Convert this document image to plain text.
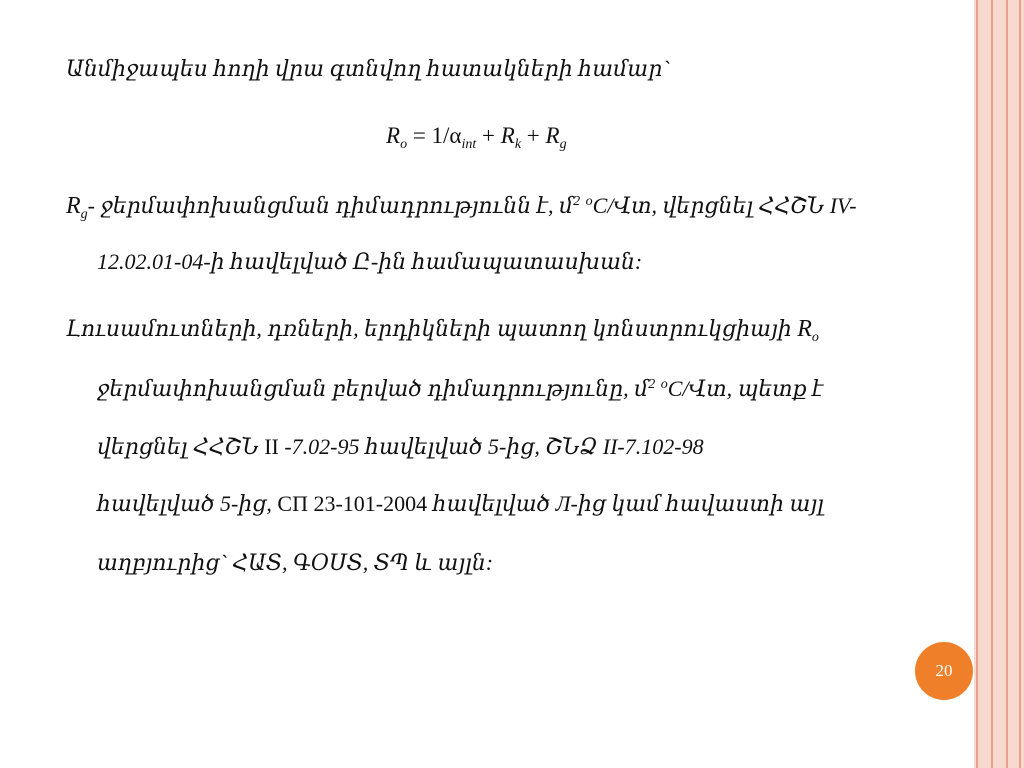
Անմիջապես հողի վրա գտնվող հատակների համար`
$R_o = 1/\alpha_{int} + R_k + R_g$
$R_g-$ ջերմափոխանցման դիմադրությունն է, մ$^2$ $^o$C/Վտ, վերցնել ՀՀՇՆ IV-
12.02.01-04-ի հավելված Ը-ին համապատասխան:
Լուսամուտների, դռների, երդիկների պատող կոնստրուկցիայի $R_o$
ջերմափոխանցման բերված դիմադրությունը, մ$^2$ $^o$C/Վտ, պետք է
վերցնել ՀՀՇՆ II -7.02-95 հավելված 5-ից, ՇՆՁ II-7.102-98
հավելված 5-ից, СП 23-101-2004 հավելված Л-ից կամ հավաստի այլ
աղբյուրից` ՀԱՏ, ԳՕՍՏ, ՏՊ և այլն:
20
